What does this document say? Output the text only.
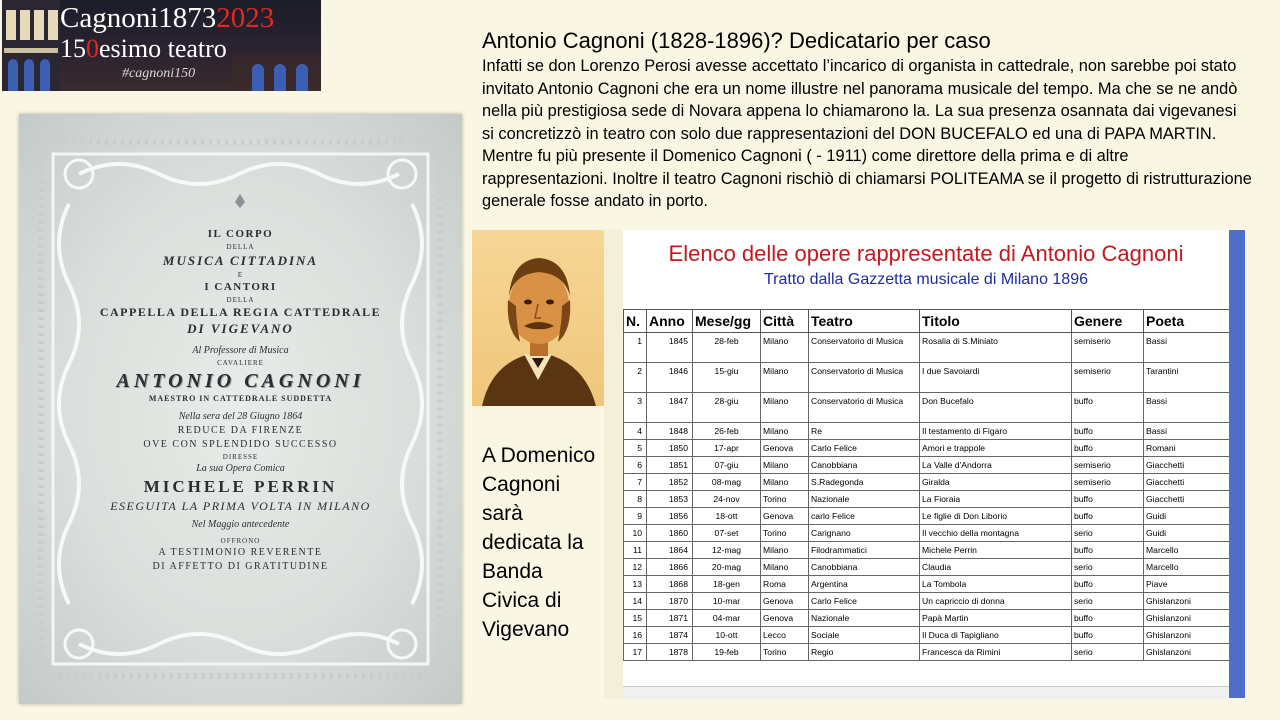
Cagnoni18732023
150esimo teatro
#cagnoni150
Antonio Cagnoni (1828-1896)? Dedicatario per caso
Infatti se don Lorenzo Perosi avesse accettato l’incarico di organista in cattedrale, non sarebbe poi stato invitato Antonio Cagnoni che era un nome illustre nel panorama musicale del tempo. Ma che se ne andò nella più prestigiosa sede di Novara appena lo chiamarono la. La sua presenza osannata dai vigevanesi si concretizzò in teatro con solo due rappresentazioni del DON BUCEFALO ed una di PAPA MARTIN. Mentre fu più presente il Domenico Cagnoni ( - 1911) come direttore della prima e di altre rappresentazioni. Inoltre il teatro Cagnoni rischiò di chiamarsi POLITEAMA se il progetto di ristrutturazione generale fosse andato in porto.
IL CORPO
DELLA
MUSICA CITTADINA
E
I CANTORI
DELLA
CAPPELLA DELLA REGIA CATTEDRALE
DI VIGEVANO
Al Professore di Musica
CAVALIERE
ANTONIO CAGNONI
MAESTRO IN CATTEDRALE SUDDETTA
Nella sera del 28 Giugno 1864
REDUCE DA FIRENZE
OVE CON SPLENDIDO SUCCESSO
DIRESSE
La sua Opera Comica
MICHELE PERRIN
ESEGUITA LA PRIMA VOLTA IN MILANO
Nel Maggio antecedente
OFFRONO
A TESTIMONIO REVERENTE
DI AFFETTO DI GRATITUDINE
A Domenico Cagnoni sarà dedicata la Banda Civica di Vigevano
Elenco delle opere rappresentate di Antonio Cagnoni
Tratto dalla Gazzetta musicale di Milano 1896
N.	Anno	Mese/gg	Città	Teatro	Titolo	Genere	Poeta
1	1845	28-feb	Milano	Conservatorio di Musica	Rosalia di S.Miniato	semiserio	Bassi
2	1846	15-giu	Milano	Conservatorio di Musica	I due Savoiardi	semiserio	Tarantini
3	1847	28-giu	Milano	Conservatorio di Musica	Don Bucefalo	buffo	Bassi
4	1848	26-feb	Milano	Re	Il testamento di Figaro	buffo	Bassi
5	1850	17-apr	Genova	Carlo Felice	Amori e trappole	buffo	Romani
6	1851	07-giu	Milano	Canobbiana	La Valle d'Andorra	semiserio	Giacchetti
7	1852	08-mag	Milano	S.Radegonda	Giralda	semiserio	Giacchetti
8	1853	24-nov	Torino	Nazionale	La Fioraia	buffo	Giacchetti
9	1856	18-ott	Genova	carlo Felice	Le figlie di Don Liborio	buffo	Guidi
10	1860	07-set	Torino	Carignano	Il vecchio della montagna	serio	Guidi
11	1864	12-mag	Milano	Filodrammatici	Michele Perrin	buffo	Marcello
12	1866	20-mag	Milano	Canobbiana	Claudia	serio	Marcello
13	1868	18-gen	Roma	Argentina	La Tombola	buffo	Piave
14	1870	10-mar	Genova	Carlo Felice	Un capriccio di donna	serio	Ghislanzoni
15	1871	04-mar	Genova	Nazionale	Papà Martin	buffo	Ghislanzoni
16	1874	10-ott	Lecco	Sociale	Il Duca di Tapigliano	buffo	Ghislanzoni
17	1878	19-feb	Torino	Regio	Francesca da Rimini	serio	Ghislanzoni
